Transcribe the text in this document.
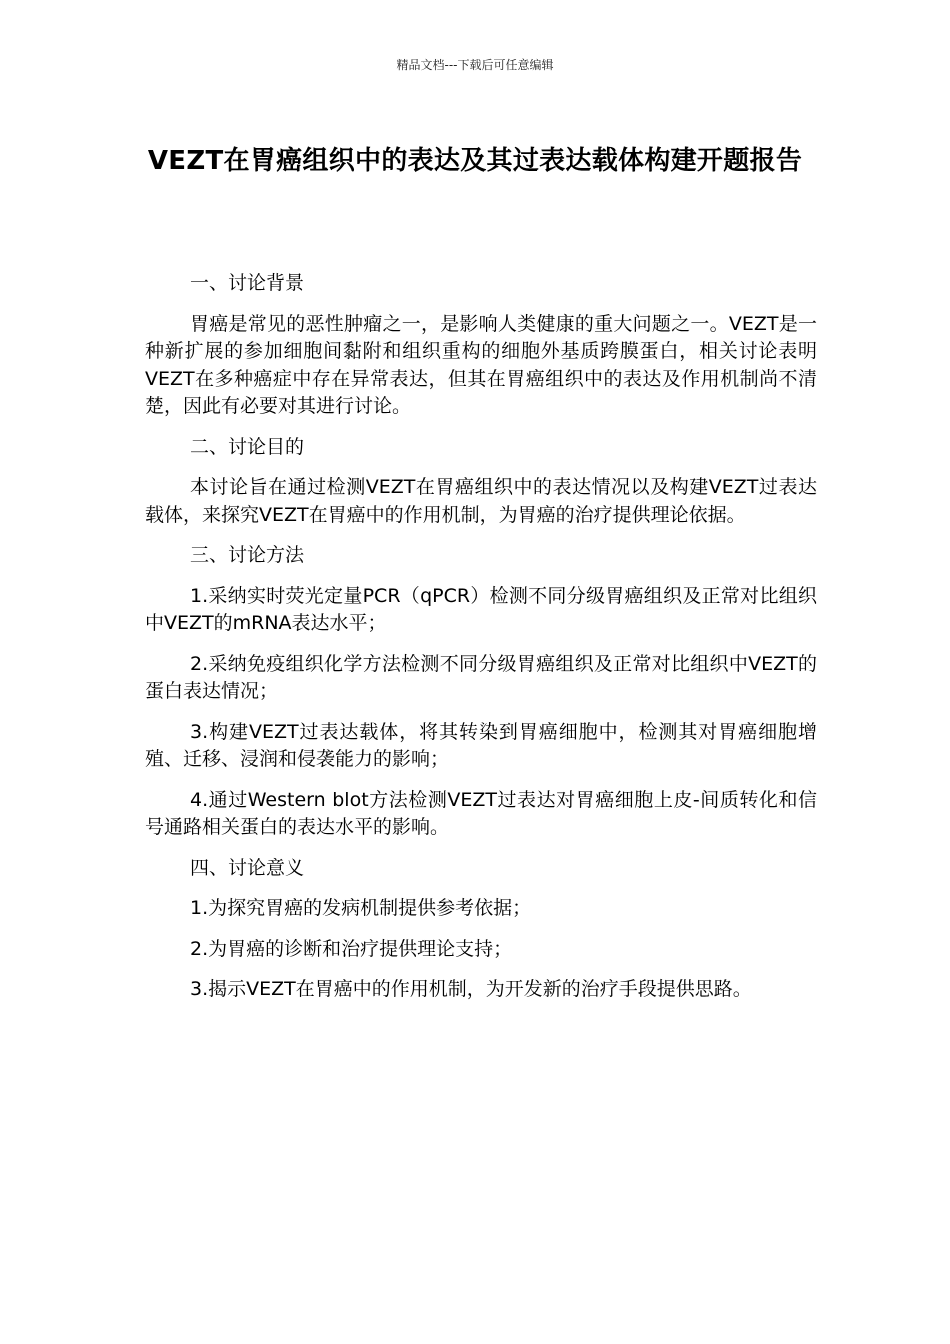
精品文档---下载后可任意编辑
VEZT在胃癌组织中的表达及其过表达载体构建开题报告

一、讨论背景

胃癌是常见的恶性肿瘤之一，是影响人类健康的重大问题之一。VEZT是一种新扩展的参加细胞间黏附和组织重构的细胞外基质跨膜蛋白，相关讨论表明VEZT在多种癌症中存在异常表达，但其在胃癌组织中的表达及作用机制尚不清楚，因此有必要对其进行讨论。

二、讨论目的

本讨论旨在通过检测VEZT在胃癌组织中的表达情况以及构建VEZT过表达载体，来探究VEZT在胃癌中的作用机制，为胃癌的治疗提供理论依据。

三、讨论方法

1.采纳实时荧光定量PCR（qPCR）检测不同分级胃癌组织及正常对比组织中VEZT的mRNA表达水平；

2.采纳免疫组织化学方法检测不同分级胃癌组织及正常对比组织中VEZT的蛋白表达情况；

3.构建VEZT过表达载体，将其转染到胃癌细胞中，检测其对胃癌细胞增殖、迁移、浸润和侵袭能力的影响；

4.通过Western blot方法检测VEZT过表达对胃癌细胞上皮-间质转化和信号通路相关蛋白的表达水平的影响。

四、讨论意义

1.为探究胃癌的发病机制提供参考依据；

2.为胃癌的诊断和治疗提供理论支持；

3.揭示VEZT在胃癌中的作用机制，为开发新的治疗手段提供思路。
